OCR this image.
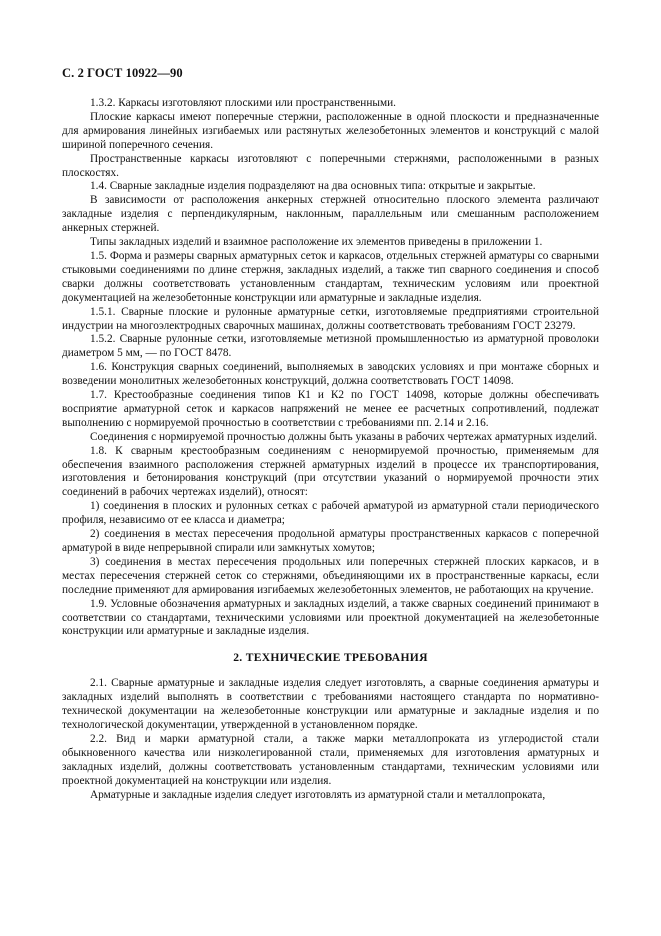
С. 2 ГОСТ 10922—90

1.3.2. Каркасы изготовляют плоскими или пространственными.

Плоские каркасы имеют поперечные стержни, расположенные в одной плоскости и предназначенные для армирования линейных изгибаемых или растянутых железобетонных элементов и конструкций с малой шириной поперечного сечения.

Пространственные каркасы изготовляют с поперечными стержнями, расположенными в разных плоскостях.

1.4. Сварные закладные изделия подразделяют на два основных типа: открытые и закрытые.

В зависимости от расположения анкерных стержней относительно плоского элемента различают закладные изделия с перпендикулярным, наклонным, параллельным или смешанным расположением анкерных стержней.

Типы закладных изделий и взаимное расположение их элементов приведены в приложении 1.

1.5. Форма и размеры сварных арматурных сеток и каркасов, отдельных стержней арматуры со сварными стыковыми соединениями по длине стержня, закладных изделий, а также тип сварного соединения и способ сварки должны соответствовать установленным стандартам, техническим условиям или проектной документацией на железобетонные конструкции или арматурные и закладные изделия.

1.5.1. Сварные плоские и рулонные арматурные сетки, изготовляемые предприятиями строительной индустрии на многоэлектродных сварочных машинах, должны соответствовать требованиям ГОСТ 23279.

1.5.2. Сварные рулонные сетки, изготовляемые метизной промышленностью из арматурной проволоки диаметром 5 мм, — по ГОСТ 8478.

1.6. Конструкция сварных соединений, выполняемых в заводских условиях и при монтаже сборных и возведении монолитных железобетонных конструкций, должна соответствовать ГОСТ 14098.

1.7. Крестообразные соединения типов К1 и К2 по ГОСТ 14098, которые должны обеспечивать восприятие арматурной сеток и каркасов напряжений не менее ее расчетных сопротивлений, подлежат выполнению с нормируемой прочностью в соответствии с требованиями пп. 2.14 и 2.16.

Соединения с нормируемой прочностью должны быть указаны в рабочих чертежах арматурных изделий.

1.8. К сварным крестообразным соединениям с ненормируемой прочностью, применяемым для обеспечения взаимного расположения стержней арматурных изделий в процессе их транспортирования, изготовления и бетонирования конструкций (при отсутствии указаний о нормируемой прочности этих соединений в рабочих чертежах изделий), относят:

1) соединения в плоских и рулонных сетках с рабочей арматурой из арматурной стали периодического профиля, независимо от ее класса и диаметра;

2) соединения в местах пересечения продольной арматуры пространственных каркасов с поперечной арматурой в виде непрерывной спирали или замкнутых хомутов;

3) соединения в местах пересечения продольных или поперечных стержней плоских каркасов, и в местах пересечения стержней сеток со стержнями, объединяющими их в пространственные каркасы, если последние применяют для армирования изгибаемых железобетонных элементов, не работающих на кручение.

1.9. Условные обозначения арматурных и закладных изделий, а также сварных соединений принимают в соответствии со стандартами, техническими условиями или проектной документацией на железобетонные конструкции или арматурные и закладные изделия.

2. ТЕХНИЧЕСКИЕ ТРЕБОВАНИЯ

2.1. Сварные арматурные и закладные изделия следует изготовлять, а сварные соединения арматуры и закладных изделий выполнять в соответствии с требованиями настоящего стандарта по нормативно-технической документации на железобетонные конструкции или арматурные и закладные изделия и по технологической документации, утвержденной в установленном порядке.

2.2. Вид и марки арматурной стали, а также марки металлопроката из углеродистой стали обыкновенного качества или низколегированной стали, применяемых для изготовления арматурных и закладных изделий, должны соответствовать установленным стандартами, техническим условиями или проектной документацией на конструкции или изделия.

Арматурные и закладные изделия следует изготовлять из арматурной стали и металлопроката,
